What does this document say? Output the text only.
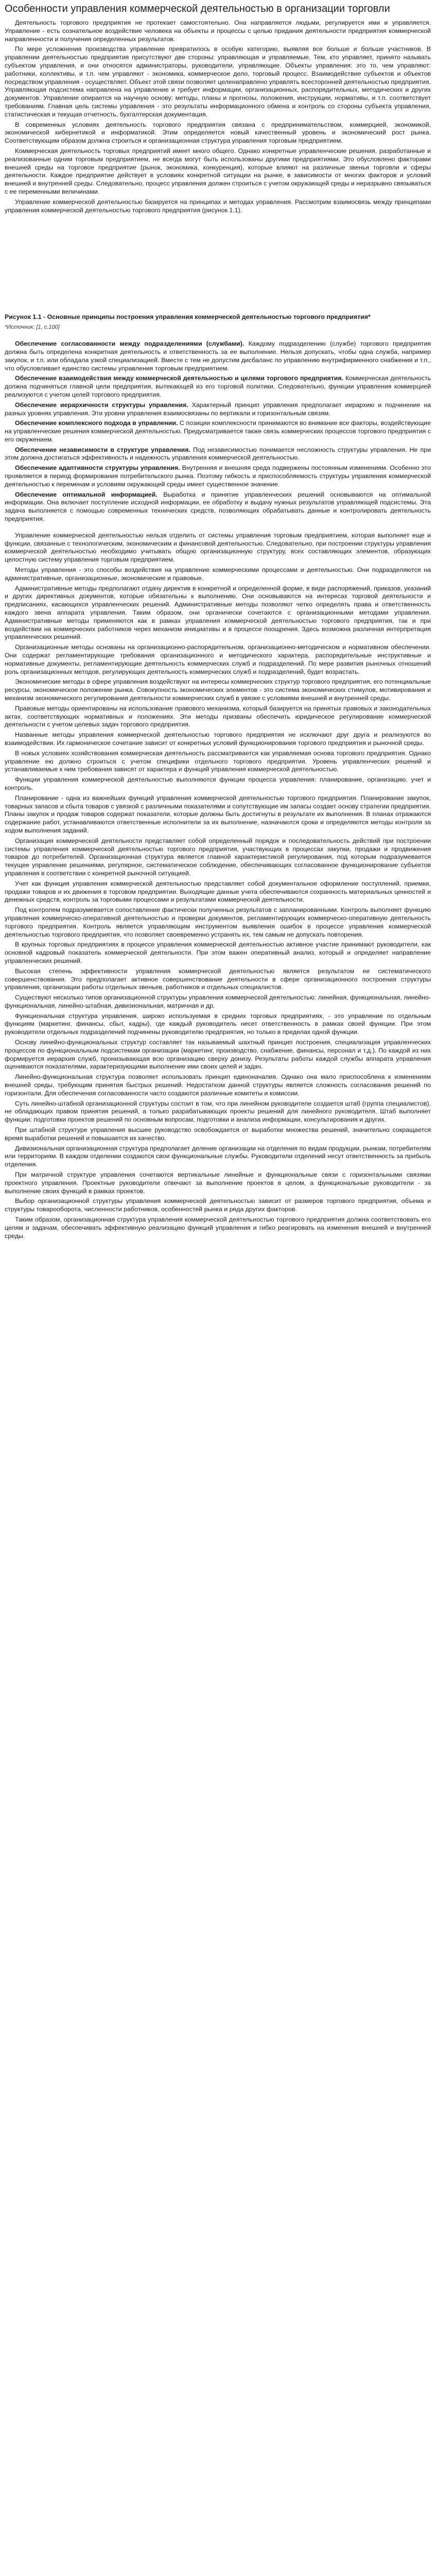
Особенности управления коммерческой деятельностью в организации торговли

Деятельность торгового предприятия не протекает самостоятельно. Она направляется людьми, регулируется ими и управляется. Управление - есть сознательное воздействие человека на объекты и процессы с целью придания деятельности предприятия коммерческой направленности и получения определенных результатов.

По мере усложнения производства управление превратилось в особую категорию, выявляя все больше и больше участников. В управлении деятельностью предприятия присутствуют две стороны: управляющая и управляемые. Тем, кто управляет, принято называть субъектом управления, и они относятся администраторы, руководители, управляющие. Объекты управления: это то, чем управляют: работники, коллективы, и т.п. чем управляют - экономика, коммерческое дело, торговый процесс. Взаимодействие субъектов и объектов посредством управления - осуществляет. Объект этой связи позволяет целенаправлено управлять всесторонней деятельностью предприятия. Управляющая подсистема направлена на управление и требует информации, организационных, распорядительных, методических и других документов. Управление опирается на научную основу: методы, планы и прогнозы, положения, инструкции, нормативы, и т.п. соответствует требованиям. Главная цель системы управления - это результаты информационного обмена и контроль со стороны субъекта управления, статистическая и текущая отчетность, бухгалтерская документация.

В современных условиях деятельность торгового предприятия связана с предпринимательством, коммерцией, экономикой, экономической кибернетикой и информатикой. Этим определяется новый качественный уровень и экономический рост рынка. Соответствующим образом должна строиться и организационная структура управления торговым предприятием.

Коммерческая деятельность торговых предприятий имеет много общего. Однако конкретные управленческие решения, разработанные и реализованные одним торговым предприятием, не всегда могут быть использованы другими предприятиями. Это обусловлено факторами внешней среды на торговое предприятие (рынок, экономика, конкуренция), которые влияют на различные звенья торговли и сферы деятельности. Каждое предприятие действует в условиях конкретной ситуации на рынке, в зависимости от многих факторов и условий внешней и внутренней среды. Следовательно, процесс управления должен строиться с учетом окружающей среды и неразрывно связываться с ее переменными величинами.

Управление коммерческой деятельностью базируется на принципах и методах управления. Рассмотрим взаимосвязь между принципами управления коммерческой деятельностью торгового предприятия (рисунок 1.1).

Рисунок 1.1 - Основные принципы построения управления коммерческой деятельностью торгового предприятия*

*Источник: [1, с.100]

Обеспечение согласованности между подразделениями (службами). Каждому подразделению (службе) торгового предприятия должна быть определена конкретная деятельность и ответственность за ее выполнение. Нельзя допускать, чтобы одна служба, например закупок, и т.п. или обладала узкой специализацией. Вместе с тем не допустим дисбаланс по управлению внутрифирменного снабжения и т.п., что обусловливает единство системы управления торговым предприятием.

Обеспечение взаимодействия между коммерческой деятельностью и целями торгового предприятия. Коммерческая деятельность должна подчиняться главной цели предприятия, вытекающей из его торговой политики. Следовательно, функции управления коммерцией реализуются с учетом целей торгового предприятия.

Обеспечение иерархичности структуры управления. Характерный принцип управления предполагает иерархию и подчинение на разных уровнях управления. Эти уровни управления взаимосвязаны по вертикали и горизонтальным связям.

Обеспечение комплексного подхода в управлении. С позиции комплексности принимаются во внимание все факторы, воздействующие на управленческие решения коммерческой деятельностью. Предусматривается также связь коммерческих процессов торгового предприятия с его окружением.

Обеспечение независимости в структуре управления. Под независимостью понимается несложность структуры управления. Не при этом должна достигаться эффективность и надежность управления коммерческой деятельностью.

Обеспечение адаптивности структуры управления. Внутренняя и внешняя среда подвержены постоянным изменениям. Особенно это проявляется в период формирования потребительского рынка. Поэтому гибкость и приспособляемость структуры управления коммерческой деятельностью к переменам и условиям окружающей среды имеет существенное значение.

Обеспечение оптимальной информацией. Выработка и принятие управленческих решений основываются на оптимальной информации. Она включает поступление исходной информации, ее обработку и выдачу нужных результатов управляющей подсистемы. Эта задача выполняется с помощью современных технических средств, позволяющих обрабатывать данные и контролировать деятельность предприятия.

Управление коммерческой деятельностью нельзя отделить от системы управления торговым предприятием, которая выполняет еще и функции, связанные с технологическим, экономическим и финансовой деятельностью. Следовательно, при построении структуры управления коммерческой деятельностью необходимо учитывать общую организационную структуру, всех составляющих элементов, образующих целостную систему управления торговым предприятием.

Методы управления - это способы воздействия на управление коммерческими процессами и деятельностью. Они подразделяются на административные, организационные, экономические и правовые.

Административные методы предполагают отдачу директив в конкретной и определенной форме, в виде распоряжений, приказов, указаний и других директивных документов, которые обязательны к выполнению. Они основываются на интересах торговой деятельности и предписаниях, касающихся управленческих решений. Административные методы позволяют четко определять права и ответственность каждого звена аппарата управления. Таким образом, они органически сочетаются с организационными методами управления. Административные методы применяются как в рамках управления коммерческой деятельностью торгового предприятия, так и при воздействии на коммерческих работников через механизм инициативы и в процессе поощрения. Здесь возможна различная интерпретация управленческих решений.

Организационные методы основаны на организационно-распорядительном, организационно-методическом и нормативном обеспечении. Они содержат регламентирующие требования организационного и методического характера, распорядительные инструктивные и нормативные документы, регламентирующие деятельность коммерческих служб и подразделений. По мере развития рыночных отношений роль организационных методов, регулирующих деятельность коммерческих служб и подразделений, будет возрастать.

Экономические методы в сфере управления воздействуют на интересы коммерческих структур торгового предприятия, его потенциальные ресурсы, экономическое положение рынка. Совокупность экономических элементов - это система экономических стимулов, мотивирования и механизм экономического регулирования деятельности коммерческих служб в увязке с условиями внешней и внутренней среды.

Правовые методы ориентированы на использование правового механизма, который базируется на принятых правовых и законодательных актах, соответствующих нормативных и положениях. Эти методы призваны обеспечить юридическое регулирование коммерческой деятельности с учетом целевых задач торгового предприятия.

Названные методы управления коммерческой деятельностью торгового предприятия не исключают друг друга и реализуются во взаимодействии. Их гармоническое сочетание зависит от конкретных условий функционирования торгового предприятия и рыночной среды.

В новых условиях хозяйствования коммерческая деятельность рассматривается как управляемая основа торгового предприятия. Однако управление ею должно строиться с учетом специфики отдельного торгового предприятия. Уровень управленческих решений и устанавливаемые к ним требования зависят от характера и функций управления коммерческой деятельностью.

Функции управления коммерческой деятельностью выполняются функции процесса управления: планирование, организацию, учет и контроль.

Планирование - одна из важнейших функций управления коммерческой деятельностью торгового предприятия. Планирование закупок, товарных запасов и сбыта товаров с увязкой с различными показателями и сопутствующие им запасы создает основу стратегии предприятия. Планы закупок и продаж товаров содержат показатели, которые должны быть достигнуты в результате их выполнения. В планах отражаются содержание работ, устанавливаются ответственные исполнители за их выполнение, назначаются сроки и определяются методы контроля за ходом выполнения заданий.

Организация коммерческой деятельности представляет собой определенный порядок и последовательность действий при построении системы управления коммерческой деятельностью торгового предприятия, участвующих в процессах закупки, продажи и продвижения товаров до потребителей. Организационная структура является главной характеристикой регулирования, под которым подразумевается текущее управление решениями, регулярное, систематическое соблюдение, обеспечивающих согласованное функционирование субъектов управления в соответствии с конкретной рыночной ситуацией.

Учет как функция управления коммерческой деятельностью представляет собой документальное оформление поступлений, приемки, продажи товаров и их движения в торговом предприятии. Выходящие данные учета обеспечиваются сохранность материальных ценностей и денежных средств, контроль за торговыми процессами и результатами коммерческой деятельности.

Под контролем подразумевается сопоставление фактически полученных результатов с запланированными. Контроль выполняет функцию управления коммерческо-оперативной деятельностью и проверки документов, регламентирующих коммерческо-оперативную деятельность торгового предприятия. Контроль является управляющим инструментом выявления ошибок в процессе управления коммерческой деятельностью торгового предприятия, что позволяет своевременно устранять их, тем самым не допускать повторения.

В крупных торговых предприятиях в процессе управления коммерческой деятельностью активное участие принимают руководители, как основной кадровый показатель коммерческой деятельности. При этом важен оперативный анализ, который и определяет направление управленческих решений.

Высокая степень эффективности управления коммерческой деятельностью является результатом ее систематического совершенствования. Это предполагает активное совершенствование деятельности в сфере организационного построения структуры управления, организации работы отдельных звеньев, работников и отдельных специалистов.

Существуют несколько типов организационной структуры управления коммерческой деятельностью: линейная, функциональная, линейно-функциональная, линейно-штабная, дивизиональная, матричная и др.

Функциональная структура управления, широко используемая в средних торговых предприятиях, - это управление по отдельным функциям (маркетинг, финансы, сбыт, кадры), где каждый руководитель несет ответственность в рамках своей функции. При этом руководители отдельных подразделений подчинены руководителю предприятия, но только в пределах одной функции.

Основу линейно-функциональных структур составляет так называемый шахтный принцип построения, специализация управленческих процессов по функциональным подсистемам организации (маркетинг, производство, снабжение, финансы, персонал и т.д.). По каждой из них формируется иерархия служб, пронизывающая всю организацию сверху донизу. Результаты работы каждой службы аппарата управления оцениваются показателями, характеризующими выполнение ими своих целей и задач.

Линейно-функциональная структура позволяет использовать принцип единоначалия. Однако она мало приспособлена к изменениям внешней среды, требующим принятия быстрых решений. Недостатком данной структуры является сложность согласования решений по горизонтали. Для обеспечения согласованности часто создаются различные комитеты и комиссии.

Суть линейно-штабной организационной структуры состоит в том, что при линейном руководителе создается штаб (группа специалистов), не обладающих правом принятия решений, а только разрабатывающих проекты решений для линейного руководителя. Штаб выполняет функции: подготовки проектов решений по основным вопросам, подготовки и анализа информации, консультирования и других.

При штабной структуре управления высшее руководство освобождается от выработки множества решений, значительно сокращается время выработки решений и повышается их качество.

Дивизиональная организационная структура предполагает деление организации на отделения по видам продукции, рынкам, потребителям или территориям. В каждом отделении создаются свои функциональные службы. Руководители отделений несут ответственность за прибыль отделения.

При матричной структуре управления сочетаются вертикальные линейные и функциональные связи с горизонтальными связями проектного управления. Проектные руководители отвечают за выполнение проектов в целом, а функциональные руководители - за выполнение своих функций в рамках проектов.

Выбор организационной структуры управления коммерческой деятельностью зависит от размеров торгового предприятия, объема и структуры товарооборота, численности работников, особенностей рынка и ряда других факторов.

Таким образом, организационная структура управления коммерческой деятельностью торгового предприятия должна соответствовать его целям и задачам, обеспечивать эффективную реализацию функций управления и гибко реагировать на изменения внешней и внутренней среды.
